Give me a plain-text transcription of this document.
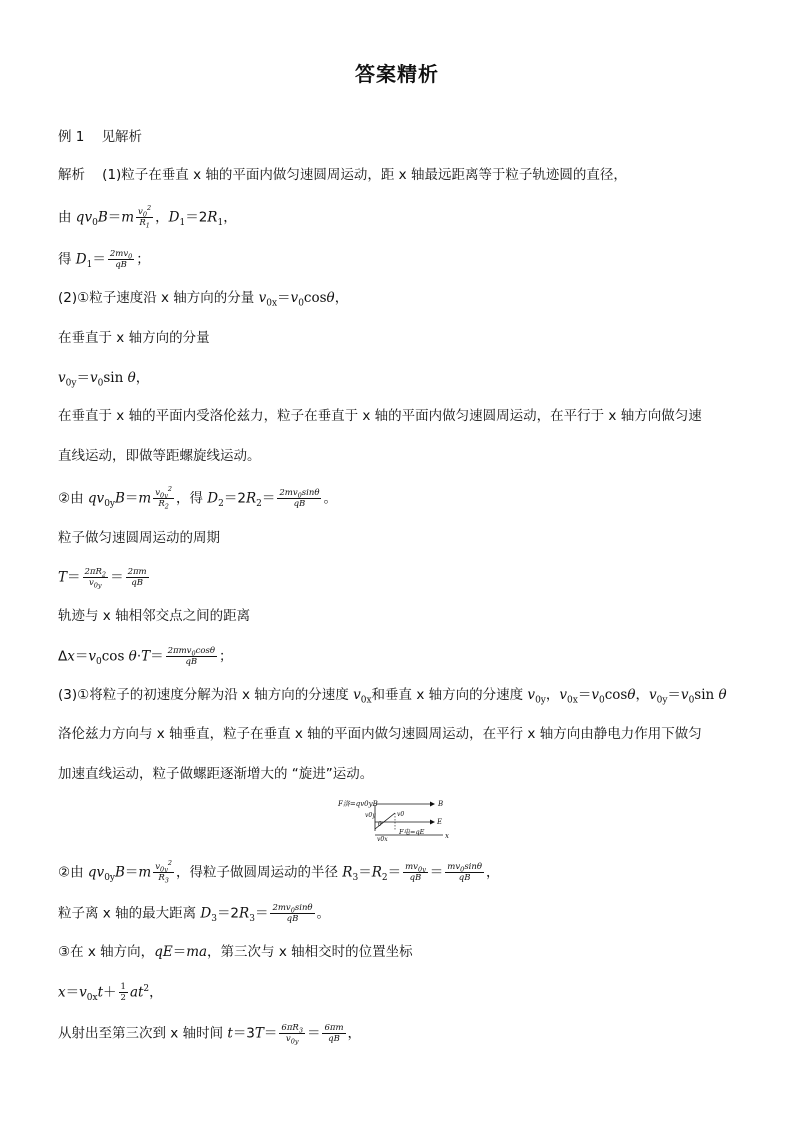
答案精析
例 1 见解析
解析 (1)粒子在垂直 x 轴的平面内做匀速圆周运动，距 x 轴最远距离等于粒子轨迹圆的直径，
由 $qv_0B=m \frac{v_0^2}{R_1}$ ，$D_1=2R_1$，
得 $D_1= \frac{2mv_0}{qB}$ ；
(2)①粒子速度沿 x 轴方向的分量 $v_{0x}=v_0\cos\theta$，
在垂直于 x 轴方向的分量
$v_{0y}=v_0\sin$ θ，
在垂直于 x 轴的平面内受洛伦兹力，粒子在垂直于 x 轴的平面内做匀速圆周运动，在平行于 x 轴方向做匀速
直线运动，即做等距螺旋线运动。
②由 $qv_{0y}B=m \frac{v_{0y}^2}{R_2}$ ，得 $D_2=2R_2= \frac{2mv_0\sin\theta}{qB}$ 。
粒子做匀速圆周运动的周期
$T= \frac{2\pi R_2}{v_{0y}} = \frac{2\pi m}{qB}$
轨迹与 x 轴相邻交点之间的距离
$\Delta x=v_0\cos$ $\theta\cdot T= \frac{2\pi mv_0\cos\theta}{qB}$ ；
(3)①将粒子的初速度分解为沿 x 轴方向的分速度 $v_{0x}$和垂直 x 轴方向的分速度 $v_{0y}$，$v_{0x}=v_0\cos\theta$，$v_{0y}=v_0\sin$ θ
洛伦兹力方向与 x 轴垂直，粒子在垂直 x 轴的平面内做匀速圆周运动，在平行 x 轴方向由静电力作用下做匀
加速直线运动，粒子做螺距逐渐增大的 “旋进”运动。
F洛=qv0yB	B
v0y	v0
θ	E
x
v0x
F电=qE
②由 $qv_{0y}B=m \frac{v_{0y}^2}{R_3}$ ，得粒子做圆周运动的半径 $R_3=R_2= \frac{mv_{0y}}{qB} = \frac{mv_0\sin\theta}{qB}$ ，
粒子离 x 轴的最大距离 $D_3=2R_3= \frac{2mv_0\sin\theta}{qB}$ 。
③在 x 轴方向，qE＝ma，第三次与 x 轴相交时的位置坐标
$x=v_{0x}t+ \frac{1}{2} at^2$，
从射出至第三次到 x 轴时间 $t=3T= \frac{6\pi R_3}{v_{0y}} = \frac{6\pi m}{qB}$ ，
